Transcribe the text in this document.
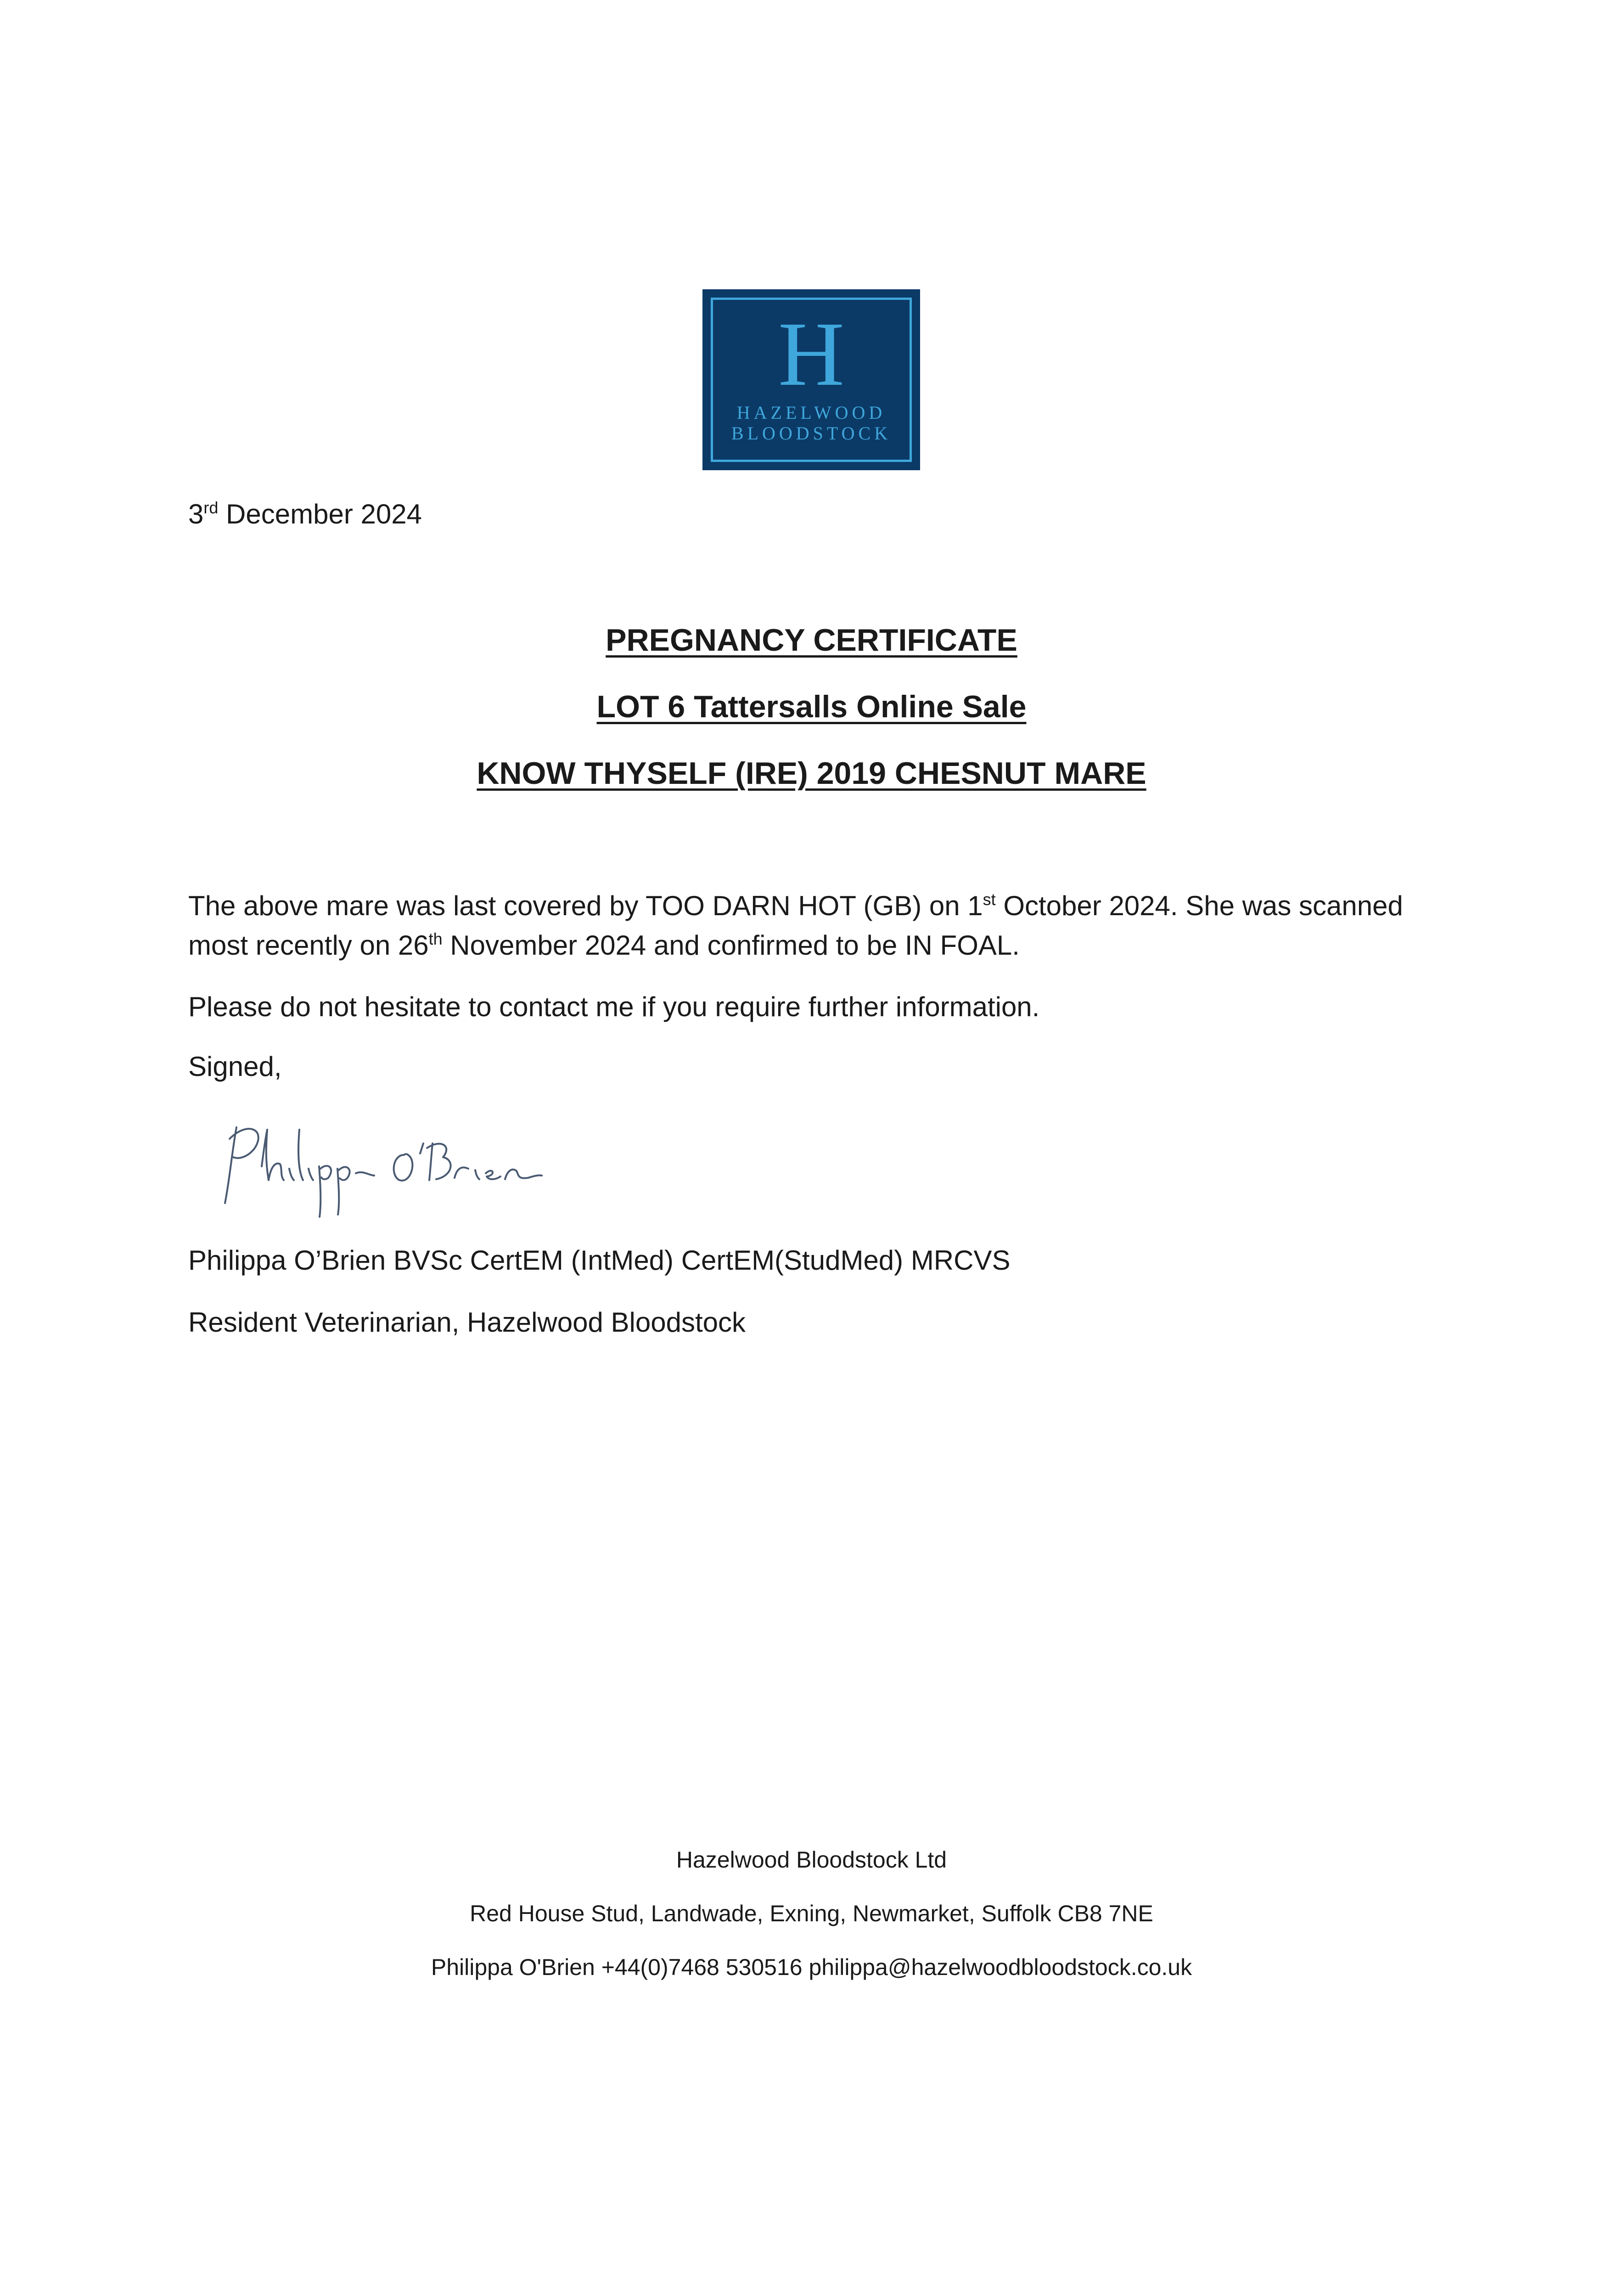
H
HAZELWOOD
BLOODSTOCK
3rd December 2024
PREGNANCY CERTIFICATE
LOT 6 Tattersalls Online Sale
KNOW THYSELF (IRE) 2019 CHESNUT MARE
The above mare was last covered by TOO DARN HOT (GB) on 1st October 2024. She was scanned most recently on 26th November 2024 and confirmed to be IN FOAL.
Please do not hesitate to contact me if you require further information.
Signed,
Philippa O’Brien BVSc CertEM (IntMed) CertEM(StudMed) MRCVS
Resident Veterinarian, Hazelwood Bloodstock
Hazelwood Bloodstock Ltd
Red House Stud, Landwade, Exning, Newmarket, Suffolk CB8 7NE
Philippa O'Brien +44(0)7468 530516 philippa@hazelwoodbloodstock.co.uk
